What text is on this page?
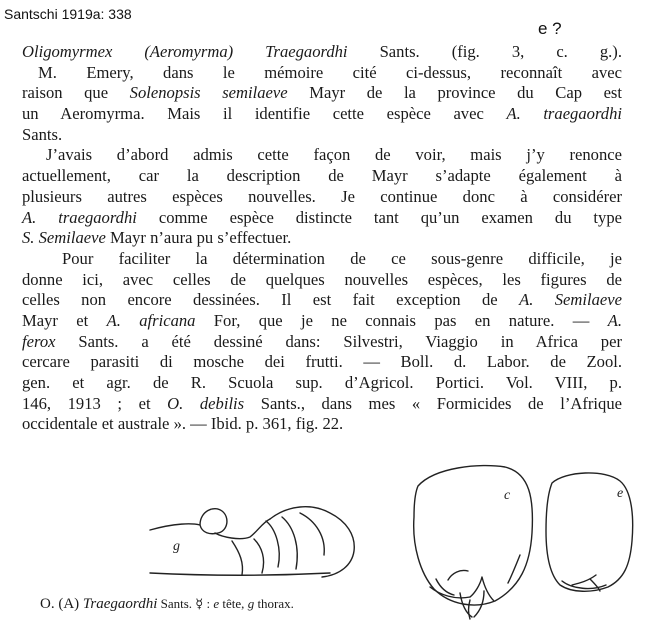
Santschi 1919a: 338
e ?
Oligomyrmex (Aeromyrma) Traegaordhi Sants. (fig. 3, c. g.).
M. Emery, dans le mémoire cité ci-dessus, reconnaît avec
raison que Solenopsis semilaeve Mayr de la province du Cap est
un Aeromyrma. Mais il identifie cette espèce avec A. traegaordhi
Sants.
J’avais d’abord admis cette façon de voir, mais j’y renonce
actuellement, car la description de Mayr s’adapte également à
plusieurs autres espèces nouvelles. Je continue donc à considérer
A. traegaordhi comme espèce distincte tant qu’un examen du type
S. Semilaeve Mayr n’aura pu s’effectuer.
Pour faciliter la détermination de ce sous-genre difficile, je
donne ici, avec celles de quelques nouvelles espèces, les figures de
celles non encore dessinées. Il est fait exception de A. Semilaeve
Mayr et A. africana For, que je ne connais pas en nature. — A.
ferox Sants. a été dessiné dans: Silvestri, Viaggio in Africa per
cercare parasiti di mosche dei frutti. — Boll. d. Labor. de Zool.
gen. et agr. de R. Scuola sup. d’Agricol. Portici. Vol. VIII, p.
146, 1913 ; et O. debilis Sants., dans mes « Formicides de l’Afrique
occidentale et australe ». — Ibid. p. 361, fig. 22.
g
c	e
O. (A) Traegaordhi Sants. ☿ : e tête, g thorax.
